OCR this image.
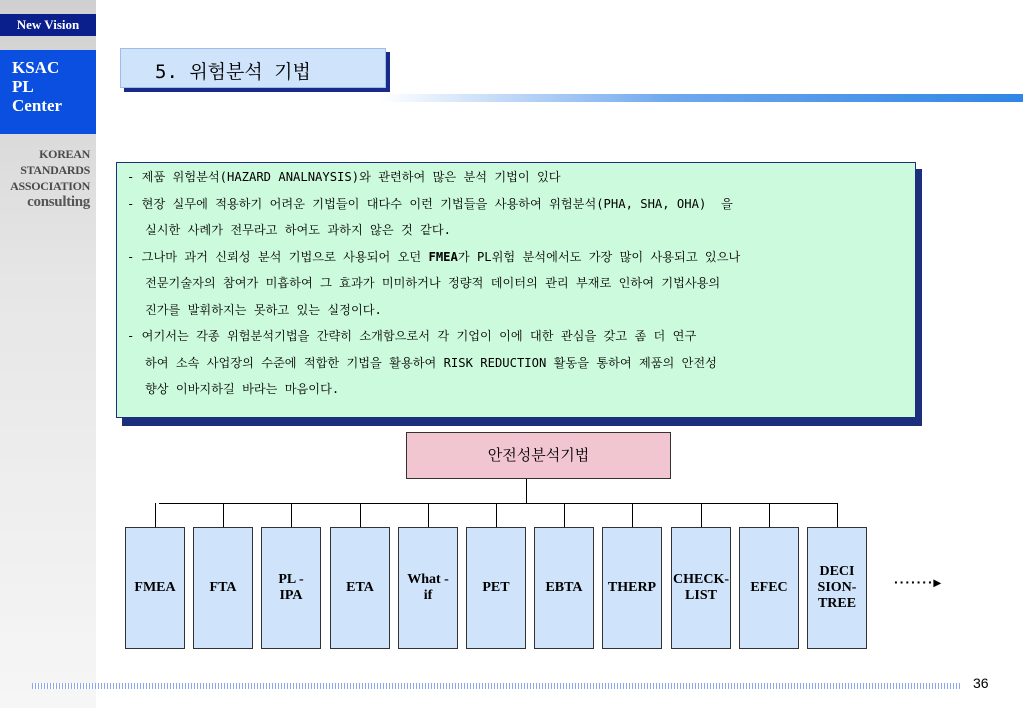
New Vision
KSAC
PL
Center
KOREAN
STANDARDS
ASSOCIATION
consulting
5. 위험분석 기법
- 제품 위험분석(HAZARD ANALNAYSIS)와 관련하여 많은 분석 기법이 있다
- 현장 실무에 적용하기 어려운 기법들이 대다수 이런 기법들을 사용하여 위험분석(PHA, SHA, OHA)  을
실시한 사례가 전무라고 하여도 과하지 않은 것 같다.
- 그나마 과거 신뢰성 분석 기법으로 사용되어 오던 FMEA가 PL위험 분석에서도 가장 많이 사용되고 있으나
전문기술자의 참여가 미흡하여 그 효과가 미미하거나 정량적 데이터의 관리 부재로 인하여 기법사용의
진가를 발휘하지는 못하고 있는 실정이다.
- 여기서는 각종 위험분석기법을 간략히 소개함으로서 각 기업이 이에 대한 관심을 갖고 좀 더 연구
하여 소속 사업장의 수준에 적합한 기법을 활용하여 RISK REDUCTION 활동을 통하여 제품의 안전성
향상 이바지하길 바라는 마음이다.
안전성분석기법
FMEA FTA
PL -
IPA
ETA
What -
if
PET	EBTA THERP
CHECK-
LIST
EFEC
DECI
SION-
TREE
·······▸
36
